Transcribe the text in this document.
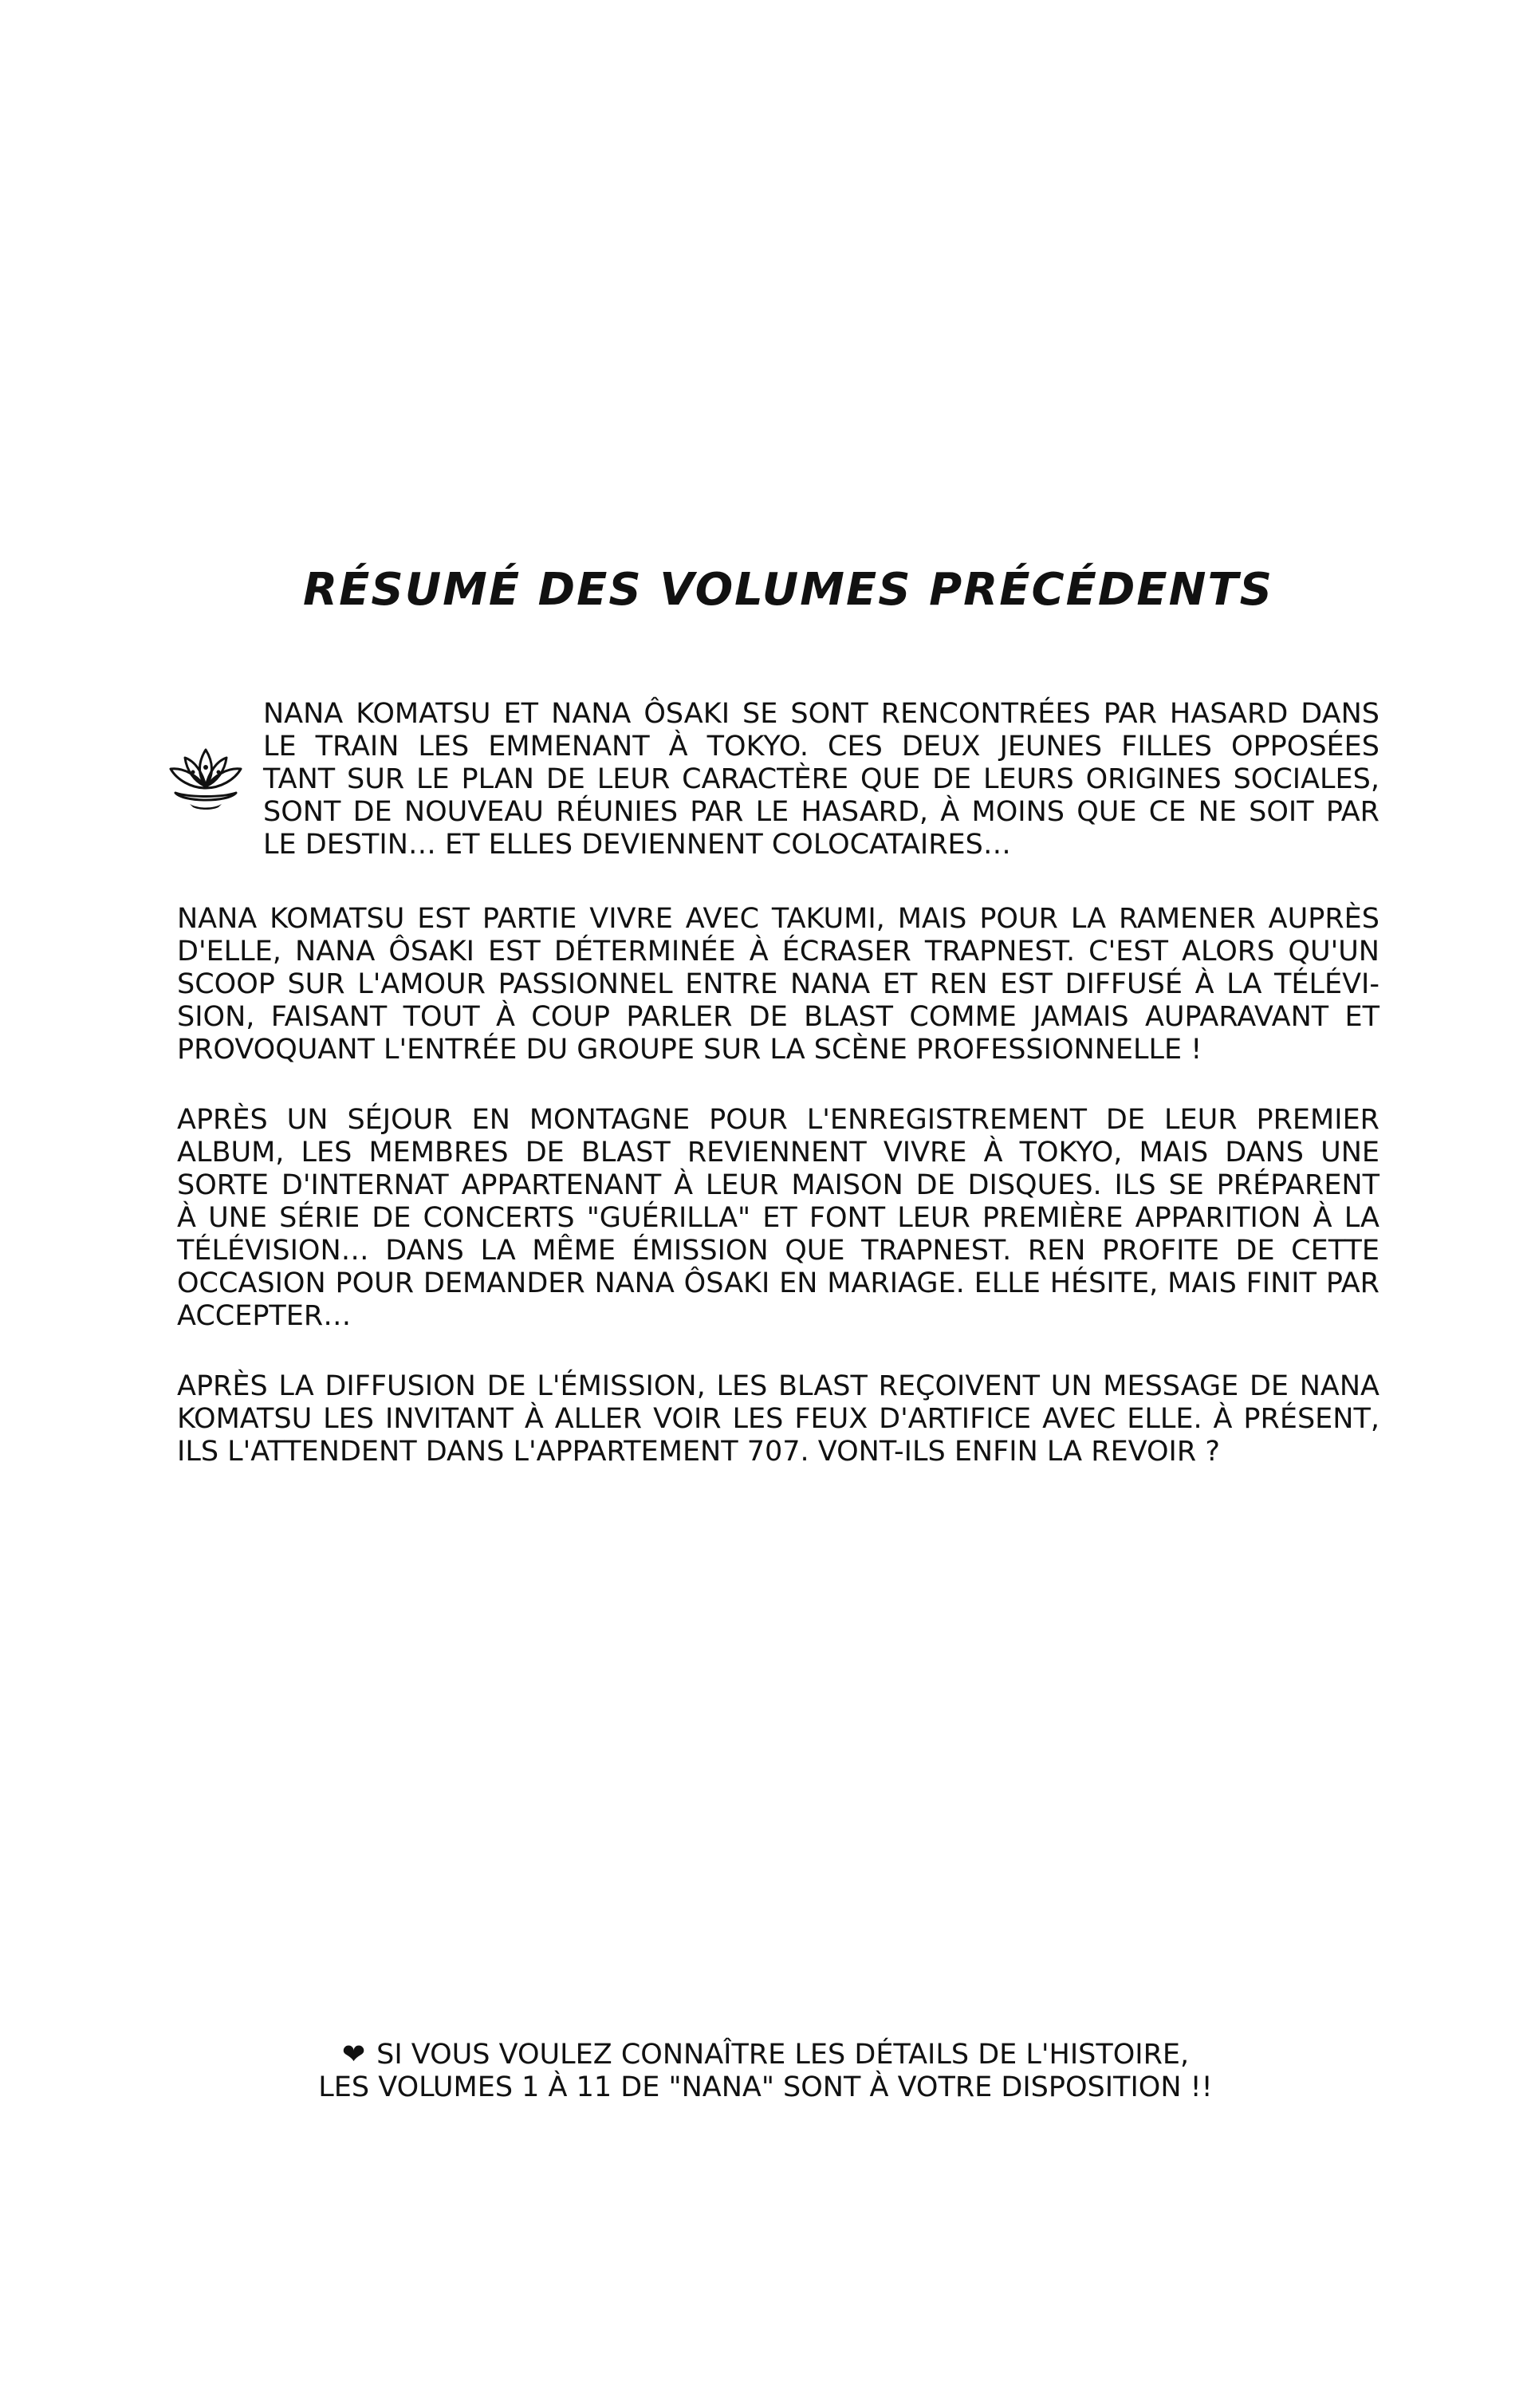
RÉSUMÉ DES VOLUMES PRÉCÉDENTS
NANA KOMATSU ET NANA ÔSAKI SE SONT RENCONTRÉES PAR HASARD DANS
LE TRAIN LES EMMENANT À TOKYO. CES DEUX JEUNES FILLES OPPOSÉES
TANT SUR LE PLAN DE LEUR CARACTÈRE QUE DE LEURS ORIGINES SOCIALES,
SONT DE NOUVEAU RÉUNIES PAR LE HASARD, À MOINS QUE CE NE SOIT PAR
LE DESTIN… ET ELLES DEVIENNENT COLOCATAIRES…
NANA KOMATSU EST PARTIE VIVRE AVEC TAKUMI, MAIS POUR LA RAMENER AUPRÈS
D'ELLE, NANA ÔSAKI EST DÉTERMINÉE À ÉCRASER TRAPNEST. C'EST ALORS QU'UN
SCOOP SUR L'AMOUR PASSIONNEL ENTRE NANA ET REN EST DIFFUSÉ À LA TÉLÉVI-
SION, FAISANT TOUT À COUP PARLER DE BLAST COMME JAMAIS AUPARAVANT ET
PROVOQUANT L'ENTRÉE DU GROUPE SUR LA SCÈNE PROFESSIONNELLE !
APRÈS UN SÉJOUR EN MONTAGNE POUR L'ENREGISTREMENT DE LEUR PREMIER
ALBUM, LES MEMBRES DE BLAST REVIENNENT VIVRE À TOKYO, MAIS DANS UNE
SORTE D'INTERNAT APPARTENANT À LEUR MAISON DE DISQUES. ILS SE PRÉPARENT
À UNE SÉRIE DE CONCERTS "GUÉRILLA" ET FONT LEUR PREMIÈRE APPARITION À LA
TÉLÉVISION… DANS LA MÊME ÉMISSION QUE TRAPNEST. REN PROFITE DE CETTE
OCCASION POUR DEMANDER NANA ÔSAKI EN MARIAGE. ELLE HÉSITE, MAIS FINIT PAR
ACCEPTER…
APRÈS LA DIFFUSION DE L'ÉMISSION, LES BLAST REÇOIVENT UN MESSAGE DE NANA
KOMATSU LES INVITANT À ALLER VOIR LES FEUX D'ARTIFICE AVEC ELLE. À PRÉSENT,
ILS L'ATTENDENT DANS L'APPARTEMENT 707. VONT-ILS ENFIN LA REVOIR ?
❤ SI VOUS VOULEZ CONNAÎTRE LES DÉTAILS DE L'HISTOIRE,
LES VOLUMES 1 À 11 DE "NANA" SONT À VOTRE DISPOSITION !!
